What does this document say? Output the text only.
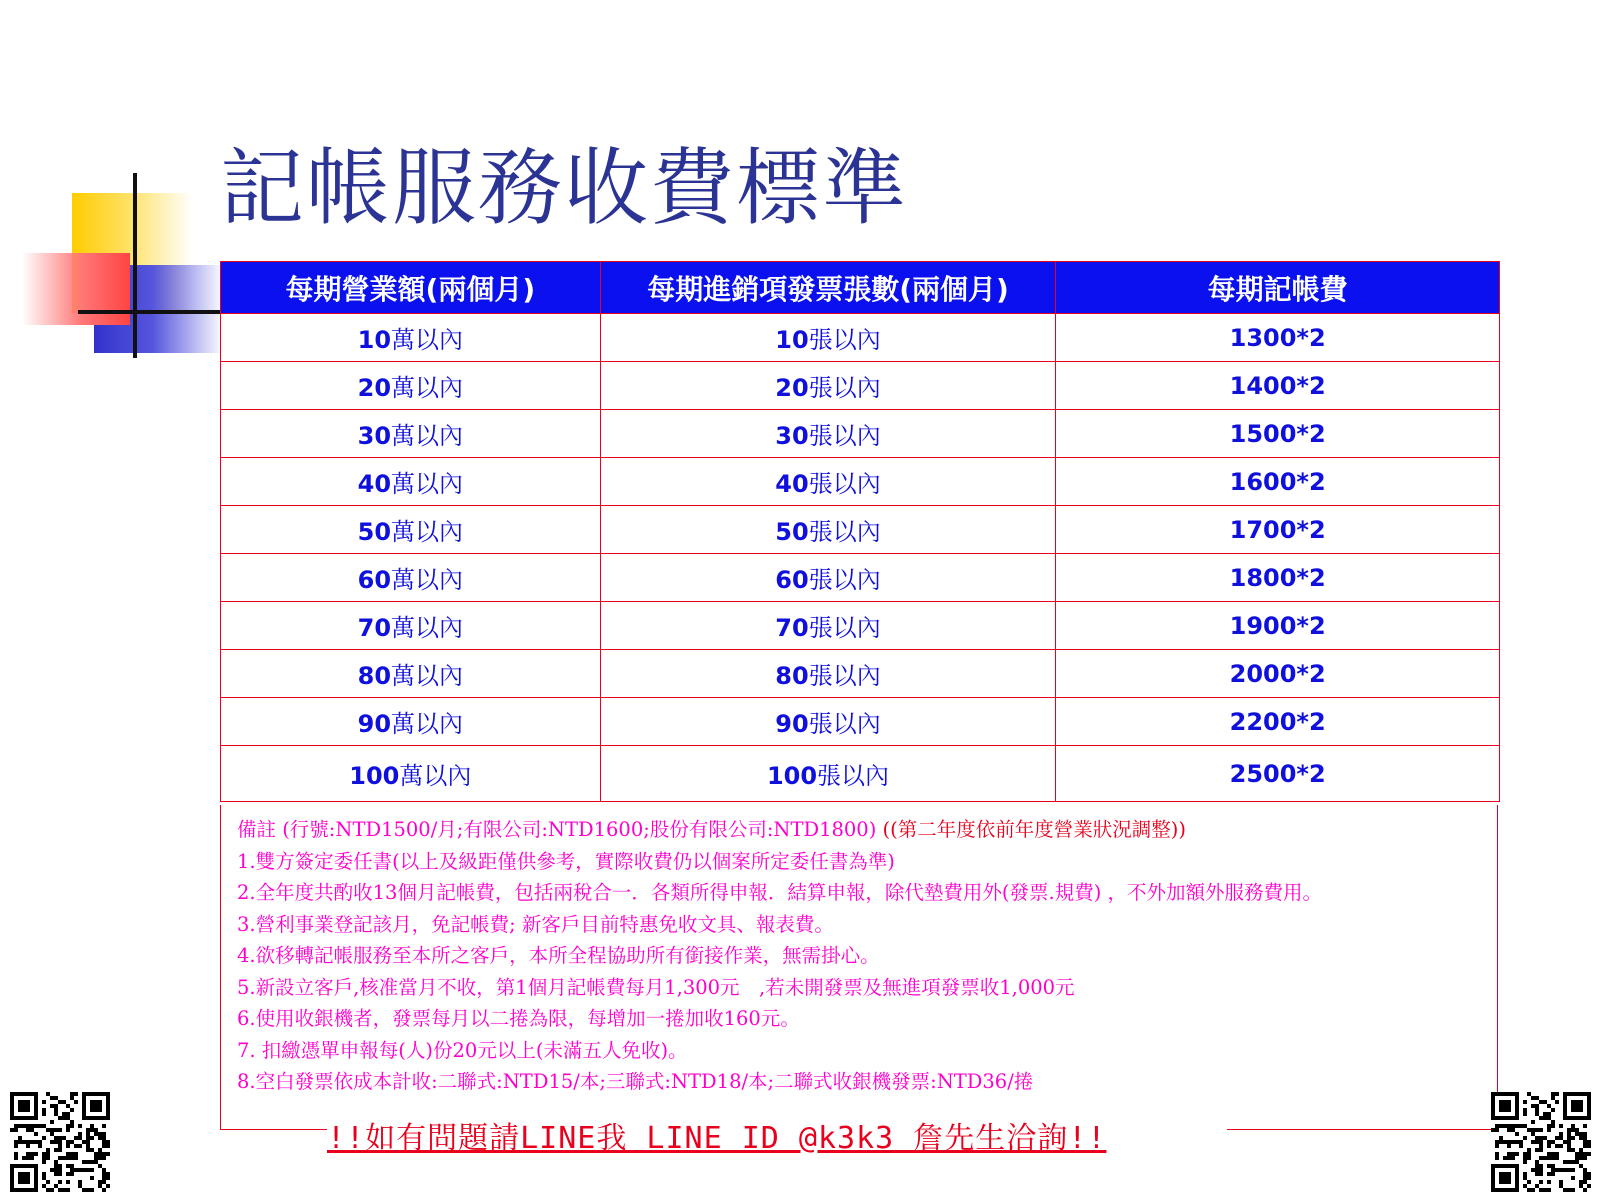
記帳服務收費標準
每期營業額(兩個月)	每期進銷項發票張數(兩個月)	每期記帳費
10萬以內	10張以內	1300*2
20萬以內	20張以內	1400*2
30萬以內	30張以內	1500*2
40萬以內	40張以內	1600*2
50萬以內	50張以內	1700*2
60萬以內	60張以內	1800*2
70萬以內	70張以內	1900*2
80萬以內	80張以內	2000*2
90萬以內	90張以內	2200*2
100萬以內	100張以內	2500*2
備註 (行號:NTD1500/月;有限公司:NTD1600;股份有限公司:NTD1800) ((第二年度依前年度營業狀況調整))
1.雙方簽定委任書(以上及級距僅供參考，實際收費仍以個案所定委任書為準)
2.全年度共酌收13個月記帳費，包括兩稅合一．各類所得申報．結算申報，除代墊費用外(發票.規費) ，不外加額外服務費用。
3.營利事業登記該月，免記帳費; 新客戶目前特惠免收文具、報表費。
4.欲移轉記帳服務至本所之客戶，本所全程協助所有銜接作業，無需掛心。
5.新設立客戶,核准當月不收，第1個月記帳費每月1,300元　,若未開發票及無進項發票收1,000元
6.使用收銀機者，發票每月以二捲為限，每增加一捲加收160元。
7. 扣繳憑單申報每(人)份20元以上(未滿五人免收)。
8.空白發票依成本計收:二聯式:NTD15/本;三聯式:NTD18/本;二聯式收銀機發票:NTD36/捲
!!如有問題請LINE我 LINE ID @k3k3 詹先生洽詢!!
